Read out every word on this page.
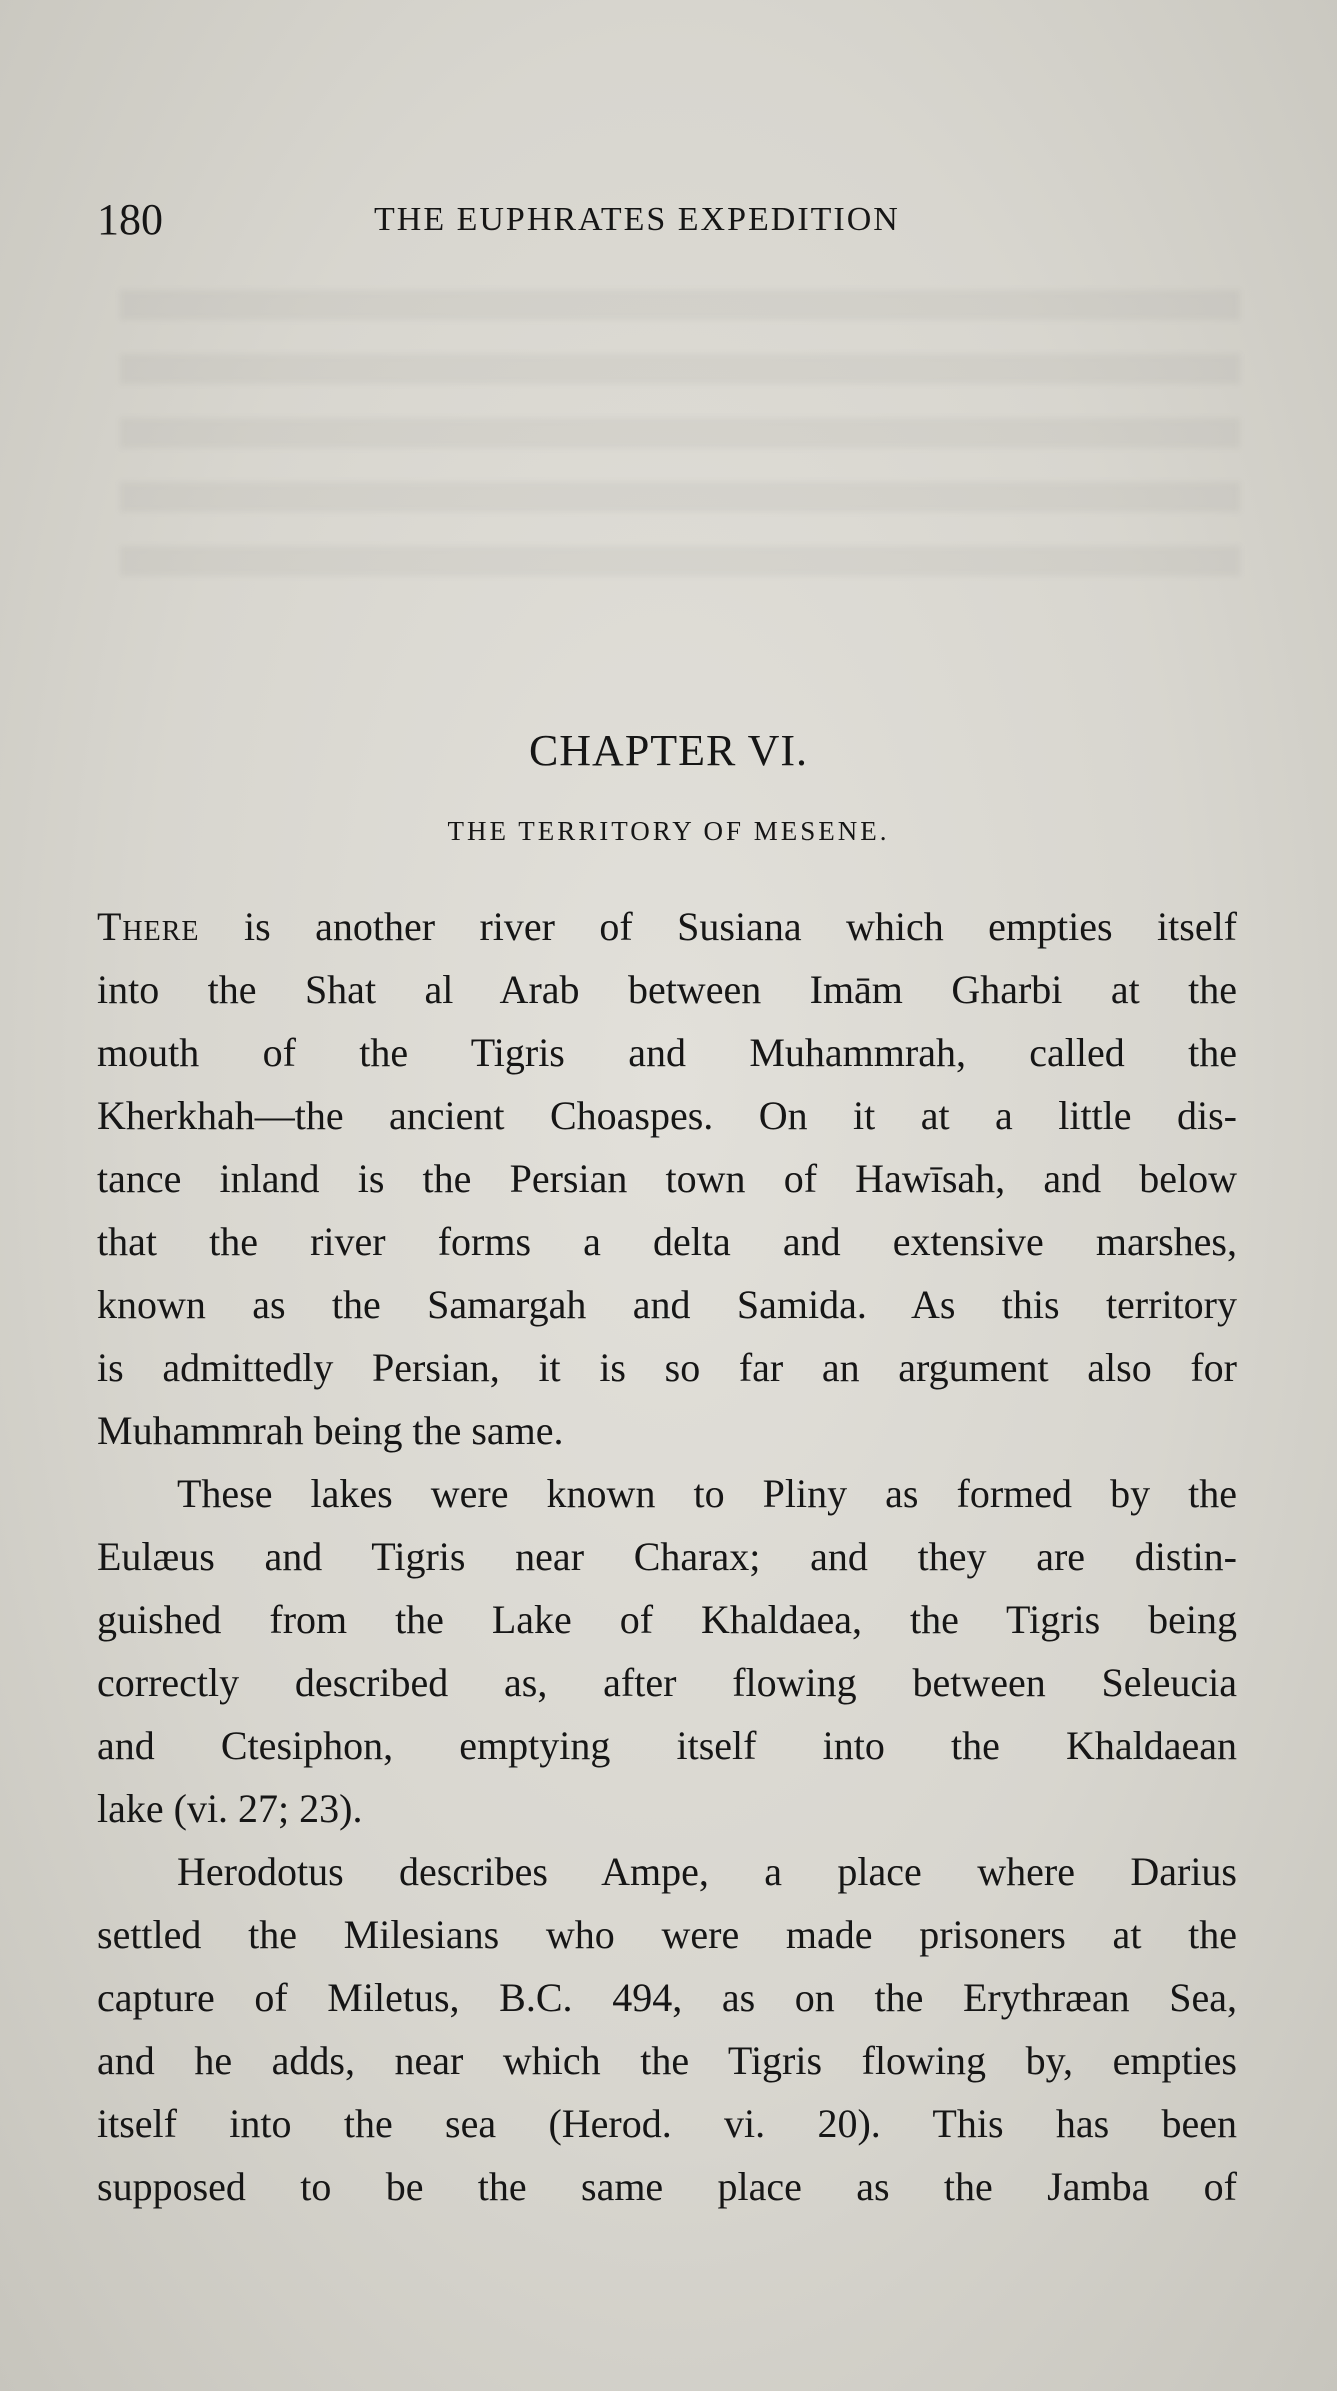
180	THE EUPHRATES EXPEDITION
CHAPTER VI.
THE TERRITORY OF MESENE.
There is another river of Susiana which empties itself
into the Shat al Arab between Imām Gharbi at the
mouth of the Tigris and Muhammrah, called the
Kherkhah—the ancient Choaspes. On it at a little dis-
tance inland is the Persian town of Hawīsah, and below
that the river forms a delta and extensive marshes,
known as the Samargah and Samida. As this territory
is admittedly Persian, it is so far an argument also for
Muhammrah being the same.
These lakes were known to Pliny as formed by the
Eulæus and Tigris near Charax; and they are distin-
guished from the Lake of Khaldaea, the Tigris being
correctly described as, after flowing between Seleucia
and Ctesiphon, emptying itself into the Khaldaean
lake (vi. 27; 23).
Herodotus describes Ampe, a place where Darius
settled the Milesians who were made prisoners at the
capture of Miletus, B.C. 494, as on the Erythræan Sea,
and he adds, near which the Tigris flowing by, empties
itself into the sea (Herod. vi. 20). This has been
supposed to be the same place as the Jamba of
